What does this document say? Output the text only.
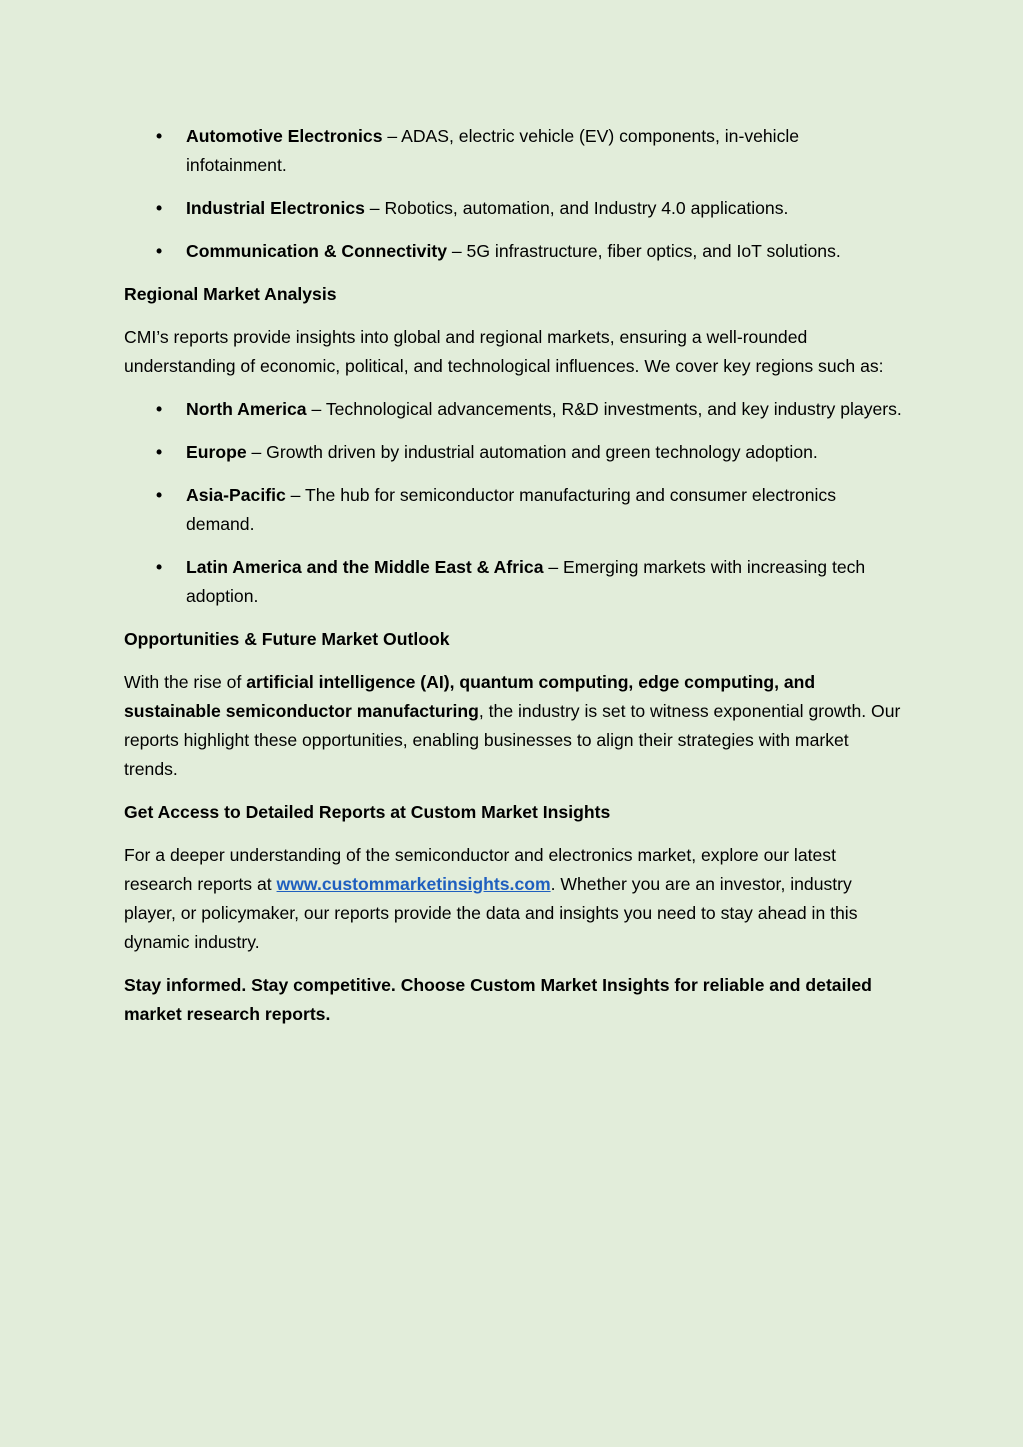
• Automotive Electronics – ADAS, electric vehicle (EV) components, in-vehicle infotainment.
• Industrial Electronics – Robotics, automation, and Industry 4.0 applications.
• Communication & Connectivity – 5G infrastructure, fiber optics, and IoT solutions.

Regional Market Analysis

CMI’s reports provide insights into global and regional markets, ensuring a well-rounded understanding of economic, political, and technological influences. We cover key regions such as:

• North America – Technological advancements, R&D investments, and key industry players.
• Europe – Growth driven by industrial automation and green technology adoption.
• Asia-Pacific – The hub for semiconductor manufacturing and consumer electronics demand.
• Latin America and the Middle East & Africa – Emerging markets with increasing tech adoption.

Opportunities & Future Market Outlook

With the rise of artificial intelligence (AI), quantum computing, edge computing, and sustainable semiconductor manufacturing, the industry is set to witness exponential growth. Our reports highlight these opportunities, enabling businesses to align their strategies with market trends.

Get Access to Detailed Reports at Custom Market Insights

For a deeper understanding of the semiconductor and electronics market, explore our latest research reports at www.custommarketinsights.com. Whether you are an investor, industry player, or policymaker, our reports provide the data and insights you need to stay ahead in this dynamic industry.

Stay informed. Stay competitive. Choose Custom Market Insights for reliable and detailed market research reports.
